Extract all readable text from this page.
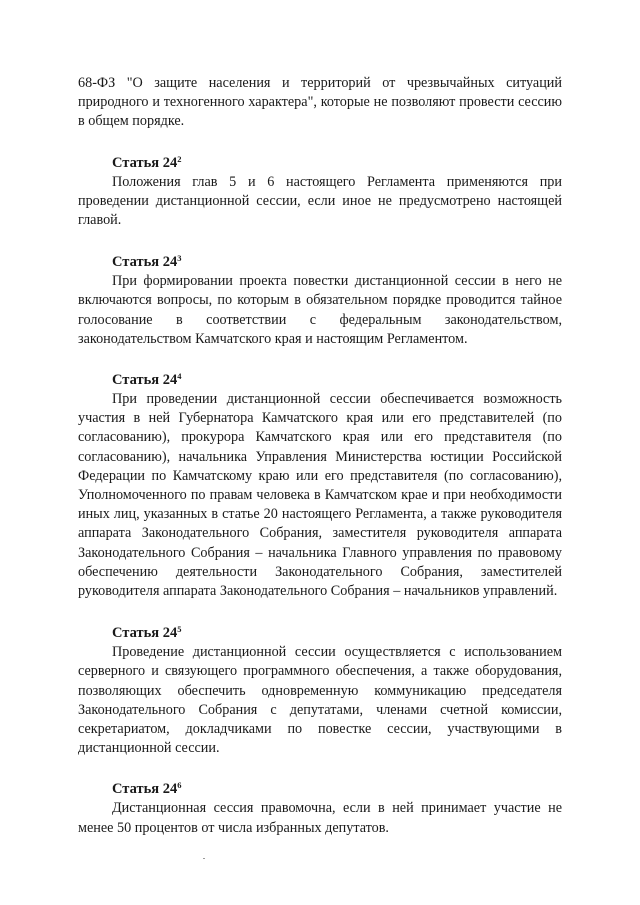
68-ФЗ "О защите населения и территорий от чрезвычайных ситуаций природного и техногенного характера", которые не позволяют провести сессию в общем порядке.

Статья $24^2$

Положения глав 5 и 6 настоящего Регламента применяются при проведении дистанционной сессии, если иное не предусмотрено настоящей главой.

Статья $24^3$

При формировании проекта повестки дистанционной сессии в него не включаются вопросы, по которым в обязательном порядке проводится тайное голосование в соответствии с федеральным законодательством, законодательством Камчатского края и настоящим Регламентом.

Статья $24^4$

При проведении дистанционной сессии обеспечивается возможность участия в ней Губернатора Камчатского края или его представителей (по согласованию), прокурора Камчатского края или его представителя (по согласованию), начальника Управления Министерства юстиции Российской Федерации по Камчатскому краю или его представителя (по согласованию), Уполномоченного по правам человека в Камчатском крае и при необходимости иных лиц, указанных в статье 20 настоящего Регламента, а также руководителя аппарата Законодательного Собрания, заместителя руководителя аппарата Законодательного Собрания – начальника Главного управления по правовому обеспечению деятельности Законодательного Собрания, заместителей руководителя аппарата Законодательного Собрания – начальников управлений.

Статья $24^5$

Проведение дистанционной сессии осуществляется с использованием серверного и связующего программного обеспечения, а также оборудования, позволяющих обеспечить одновременную коммуникацию председателя Законодательного Собрания с депутатами, членами счетной комиссии, секретариатом, докладчиками по повестке сессии, участвующими в дистанционной сессии.

Статья $24^6$

Дистанционная сессия правомочна, если в ней принимает участие не менее 50 процентов от числа избранных депутатов.
